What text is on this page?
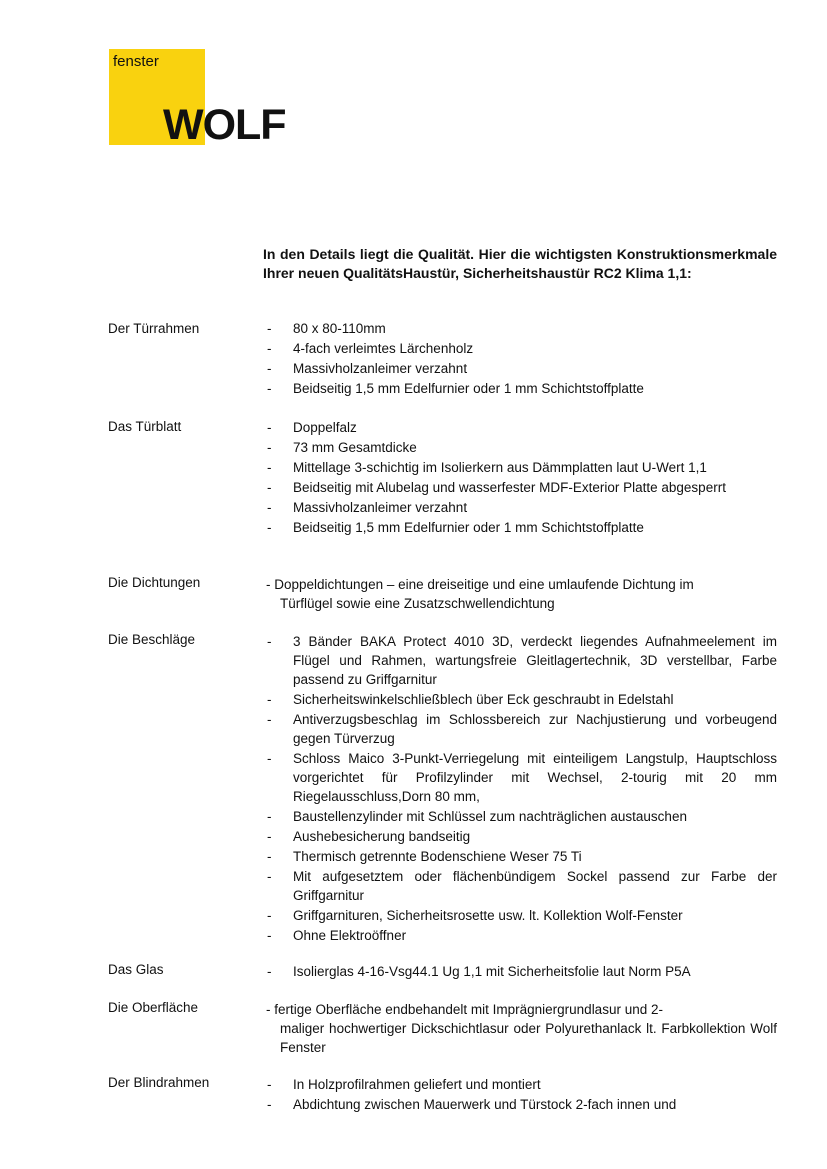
fenster
WOLF
In den Details liegt die Qualität. Hier die wichtigsten Konstruktionsmerkmale Ihrer neuen QualitätsHaustür, Sicherheitshaustür RC2 Klima 1,1:
Der Türrahmen	- 80 x 80-110mm
- 4-fach verleimtes Lärchenholz
- Massivholzanleimer verzahnt
- Beidseitig 1,5 mm Edelfurnier oder 1 mm Schichtstoffplatte
Das Türblatt	- Doppelfalz
- 73 mm Gesamtdicke
- Mittellage 3-schichtig im Isolierkern aus Dämmplatten laut U-Wert 1,1
- Beidseitig mit Alubelag und wasserfester MDF-Exterior Platte abgesperrt
- Massivholzanleimer verzahnt
- Beidseitig 1,5 mm Edelfurnier oder 1 mm Schichtstoffplatte
Die Dichtungen	- Doppeldichtungen – eine dreiseitige und eine umlaufende Dichtung im
Türflügel sowie eine Zusatzschwellendichtung
Die Beschläge	- 3 Bänder BAKA Protect 4010 3D, verdeckt liegendes Aufnahmeelement im Flügel und Rahmen, wartungsfreie Gleitlagertechnik, 3D verstellbar, Farbe passend zu Griffgarnitur
- Sicherheitswinkelschließblech über Eck geschraubt in Edelstahl
- Antiverzugsbeschlag im Schlossbereich zur Nachjustierung und vorbeugend gegen Türverzug
- Schloss Maico 3-Punkt-Verriegelung mit einteiligem Langstulp, Hauptschloss vorgerichtet für Profilzylinder mit Wechsel, 2-tourig mit 20 mm Riegelausschluss,Dorn 80 mm,
- Baustellenzylinder mit Schlüssel zum nachträglichen austauschen
- Aushebesicherung bandseitig
- Thermisch getrennte Bodenschiene Weser 75 Ti
- Mit aufgesetztem oder flächenbündigem Sockel passend zur Farbe der Griffgarnitur
- Griffgarnituren, Sicherheitsrosette usw. lt. Kollektion Wolf-Fenster
- Ohne Elektroöffner
Das Glas	- Isolierglas 4-16-Vsg44.1 Ug 1,1 mit Sicherheitsfolie laut Norm P5A
Die Oberfläche	- fertige Oberfläche endbehandelt mit Imprägniergrundlasur und 2-
maliger hochwertiger Dickschichtlasur oder Polyurethanlack lt. Farbkollektion Wolf Fenster
Der Blindrahmen	- In Holzprofilrahmen geliefert und montiert
- Abdichtung zwischen Mauerwerk und Türstock 2-fach innen und
